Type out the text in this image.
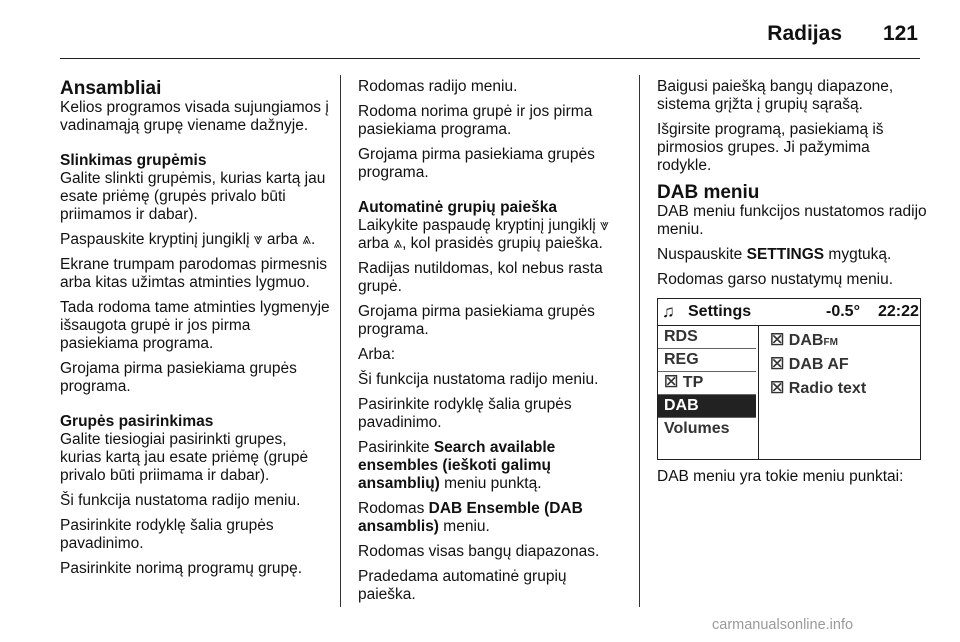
Radijas 121
Ansambliai

Kelios programos visada sujungiamos į vadinamąją grupę viename dažnyje.

Slinkimas grupėmis

Galite slinkti grupėmis, kurias kartą jau esate priėmę (grupės privalo būti priimamos ir dabar).

Paspauskite kryptinį jungiklį ⩔ arba ⩓.

Ekrane trumpam parodomas pirmesnis arba kitas užimtas atminties lygmuo.

Tada rodoma tame atminties lygmenyje išsaugota grupė ir jos pirma pasiekiama programa.

Grojama pirma pasiekiama grupės programa.

Grupės pasirinkimas

Galite tiesiogiai pasirinkti grupes, kurias kartą jau esate priėmę (grupė privalo būti priimama ir dabar).

Ši funkcija nustatoma radijo meniu.

Pasirinkite rodyklę šalia grupės pavadinimo.

Pasirinkite norimą programų grupę.

Rodomas radijo meniu.

Rodoma norima grupė ir jos pirma pasiekiama programa.

Grojama pirma pasiekiama grupės programa.

Automatinė grupių paieška

Laikykite paspaudę kryptinį jungiklį ⩔ arba ⩓, kol prasidės grupių paieška.

Radijas nutildomas, kol nebus rasta grupė.

Grojama pirma pasiekiama grupės programa.

Arba:

Ši funkcija nustatoma radijo meniu.

Pasirinkite rodyklę šalia grupės pavadinimo.

Pasirinkite Search available ensembles (ieškoti galimų ansamblių) meniu punktą.

Rodomas DAB Ensemble (DAB ansamblis) meniu.

Rodomas visas bangų diapazonas.

Pradedama automatinė grupių paieška.

Baigusi paiešką bangų diapazone, sistema grįžta į grupių sąrašą.

Išgirsite programą, pasiekiamą iš pirmosios grupes. Ji pažymima rodykle.

DAB meniu

DAB meniu funkcijos nustatomos radijo meniu.

Nuspauskite SETTINGS mygtuką.

Rodomas garso nustatymų meniu.

DAB meniu yra tokie meniu punktai:

♫ Settings	-0.5° 22:22
RDS
REG
☒ TP
DAB
Volumes
☒ DABFM
☒ DAB AF
☒ Radio text
carmanualsonline.info
